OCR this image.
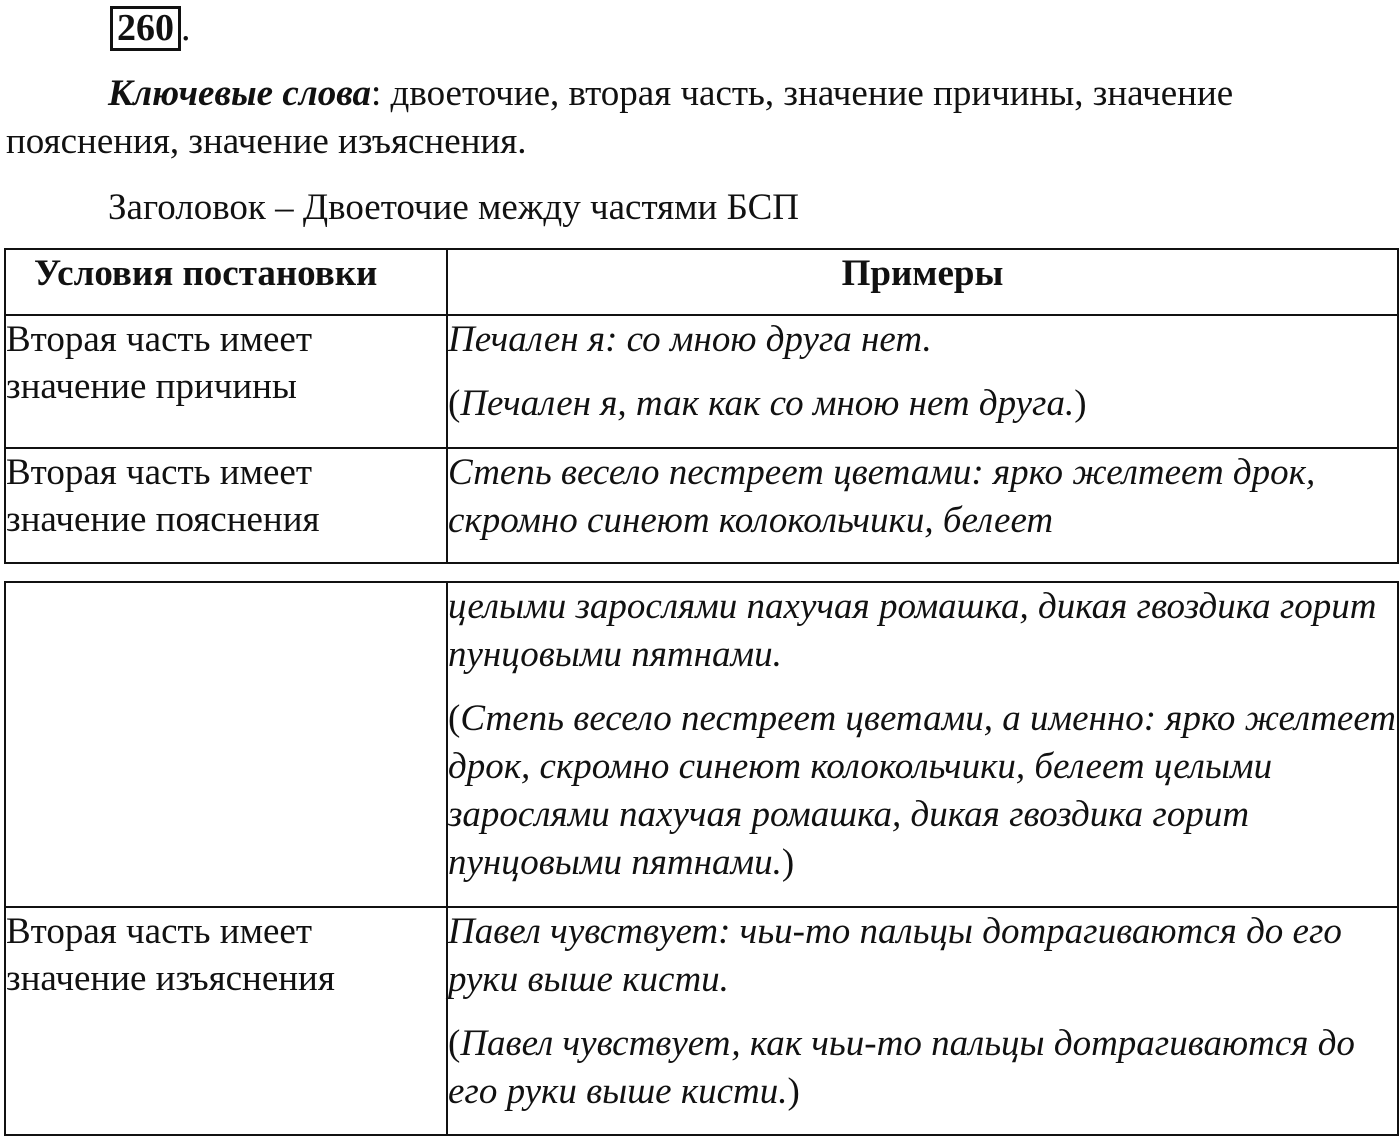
260 .

Ключевые слова: двоеточие, вторая часть, значение причины, значение пояснения, значение изъяснения.

Заголовок – Двоеточие между частями БСП

Условия постановки	Примеры
Вторая часть имеет значение причины	Печален я: со мною друга нет.

(Печален я, так как со мною нет друга.)

Вторая часть имеет значение пояснения	Степь весело пестреет цветами: ярко желтеет дрок, скромно синеют колокольчики, белеет

	целыми зарослями пахучая ромашка, дикая гвоздика горит пунцовыми пятнами.

(Степь весело пестреет цветами, а именно: ярко желтеет дрок, скромно синеют колокольчики, белеет целыми зарослями пахучая ромашка, дикая гвоздика горит пунцовыми пятнами.)

Вторая часть имеет значение изъяснения	Павел чувствует: чьи-то пальцы дотрагиваются до его руки выше кисти.

(Павел чувствует, как чьи-то пальцы дотрагиваются до его руки выше кисти.)
